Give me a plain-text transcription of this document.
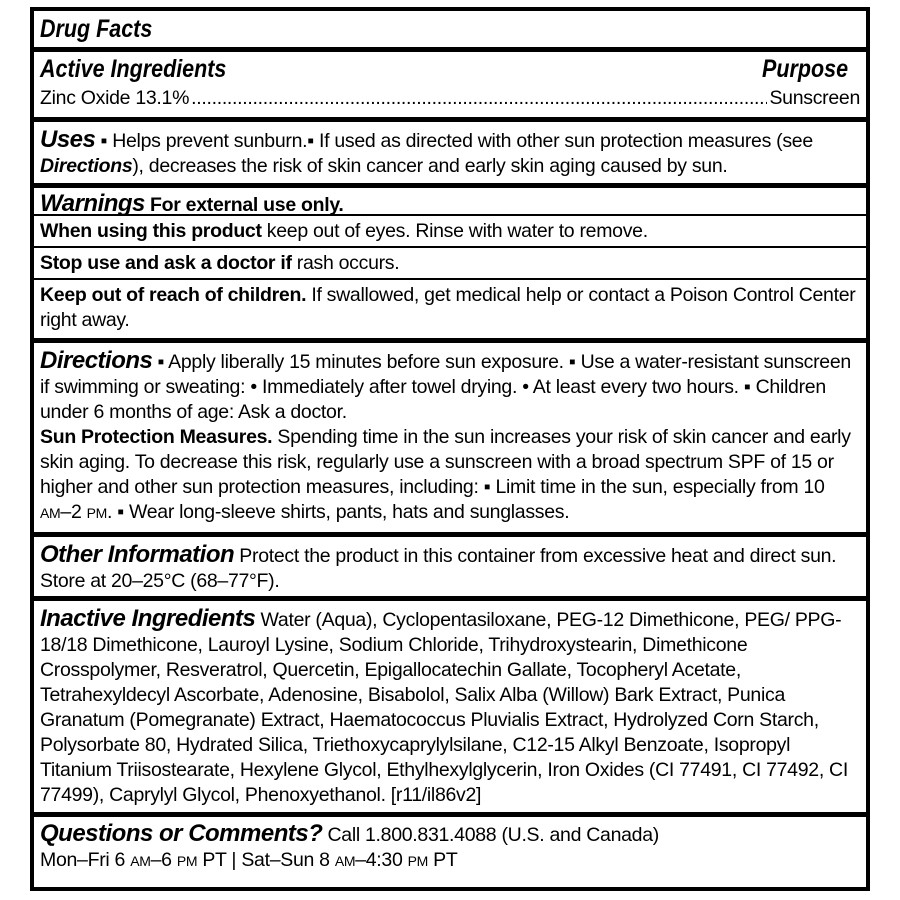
Drug Facts
Active Ingredients	Purpose
Zinc Oxide 13.1%
.....	Sunscreen
Uses ▪ Helps prevent sunburn.▪ If used as directed with other sun protection measures (see Directions), decreases the risk of skin cancer and early skin aging caused by sun.
Warnings For external use only.
When using this product keep out of eyes. Rinse with water to remove.
Stop use and ask a doctor if rash occurs.
Keep out of reach of children. If swallowed, get medical help or contact a Poison Control Center right away.
Directions ▪ Apply liberally 15 minutes before sun exposure. ▪ Use a water-resistant sunscreen if swimming or sweating: • Immediately after towel drying. • At least every two hours. ▪ Children under 6 months of age: Ask a doctor.
Sun Protection Measures. Spending time in the sun increases your risk of skin cancer and early skin aging. To decrease this risk, regularly use a sunscreen with a broad spectrum SPF of 15 or higher and other sun protection measures, including: ▪ Limit time in the sun, especially from 10 AM–2 PM. ▪ Wear long-sleeve shirts, pants, hats and sunglasses.
Other Information Protect the product in this container from excessive heat and direct sun. Store at 20–25°C (68–77°F).
Inactive Ingredients Water (Aqua), Cyclopentasiloxane, PEG-12 Dimethicone, PEG/ PPG-18/18 Dimethicone, Lauroyl Lysine, Sodium Chloride, Trihydroxystearin, Dimethicone Crosspolymer, Resveratrol, Quercetin, Epigallocatechin Gallate, Tocopheryl Acetate, Tetrahexyldecyl Ascorbate, Adenosine, Bisabolol, Salix Alba (Willow) Bark Extract, Punica Granatum (Pomegranate) Extract, Haematococcus Pluvialis Extract, Hydrolyzed Corn Starch, Polysorbate 80, Hydrated Silica, Triethoxycaprylylsilane, C12-15 Alkyl Benzoate, Isopropyl Titanium Triisostearate, Hexylene Glycol, Ethylhexylglycerin, Iron Oxides (CI 77491, CI 77492, CI 77499), Caprylyl Glycol, Phenoxyethanol. [r11/il86v2]
Questions or Comments? Call 1.800.831.4088 (U.S. and Canada)
Mon–Fri 6 AM–6 PM PT | Sat–Sun 8 AM–4:30 PM PT
